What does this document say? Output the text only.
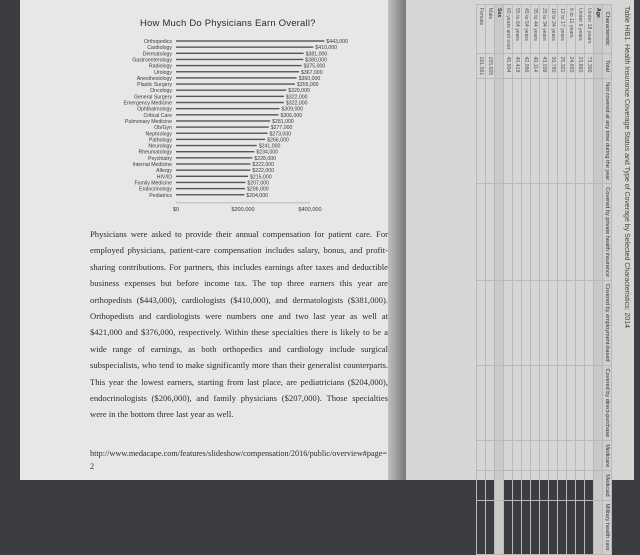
How Much Do Physicians Earn Overall?
Orthopedics	$443,000
Cardiology	$410,000
Dermatology	$381,000
Gastroenterology	$380,000
Radiology	$375,000
Urology	$367,000
Anesthesiology	$360,000
Plastic Surgery	$355,000
Oncology	$329,000
General Surgery	$322,000
Emergency Medicine	$322,000
Ophthalmology	$309,000
Critical Care	$306,000
Pulmonary Medicine	$281,000
Ob/Gyn	$277,000
Nephrology	$273,000
Pathology	$266,000
Neurology	$241,000
Rheumatology	$234,000
Psychiatry	$228,000
Internal Medicine	$222,000
Allergy	$222,000
HIV/ID	$215,000
Family Medicine	$207,000
Endocrinology	$206,000
Pediatrics	$204,000
$0	$200,000	$400,000

Physicians were asked to provide their annual compensation for patient care. For employed physicians, patient-care compensation includes salary, bonus, and profit-sharing contributions. For partners, this includes earnings after taxes and deductible business expenses but before income tax. The top three earners this year are orthopedists ($443,000), cardiologists ($410,000), and dermatologists ($381,000). Orthopedists and cardiologists were numbers one and two last year as well at $421,000 and $376,000, respectively. Within these specialties there is likely to be a wide range of earnings, as both orthopedics and cardiology include surgical subspecialists, who tend to make significantly more than their generalist counterparts. This year the lowest earners, starting from last place, are pediatricians ($204,000), endocrinologists ($206,000), and family physicians ($207,000). Those specialties were in the bottom three last year as well.

http://www.medacape.com/features/slideshow/compensation/2016/public/overview#page=2
Table HIB1. Health Insurance Coverage Status and Type of Coverage by Selected Characteristics: 2014
Characteristic	Total	Not covered at any time during the year	Covered by private health insurance	Covered by employment-based	Covered by direct-purchase	Medicare	Medicaid	Military health care
Age								
Under 18 years	73,300							
Under 6 years	23,860							
6 to 11 years	24,650							
12 to 17 years	25,321							
18 to 24 years	30,790							
25 to 34 years	43,038							
35 to 44 years	40,114							
45 to 54 years	42,996							
55 to 64 years	40,419							
65 years and over	45,904							
Sex								
Male	155,605							
Female	161,561							
